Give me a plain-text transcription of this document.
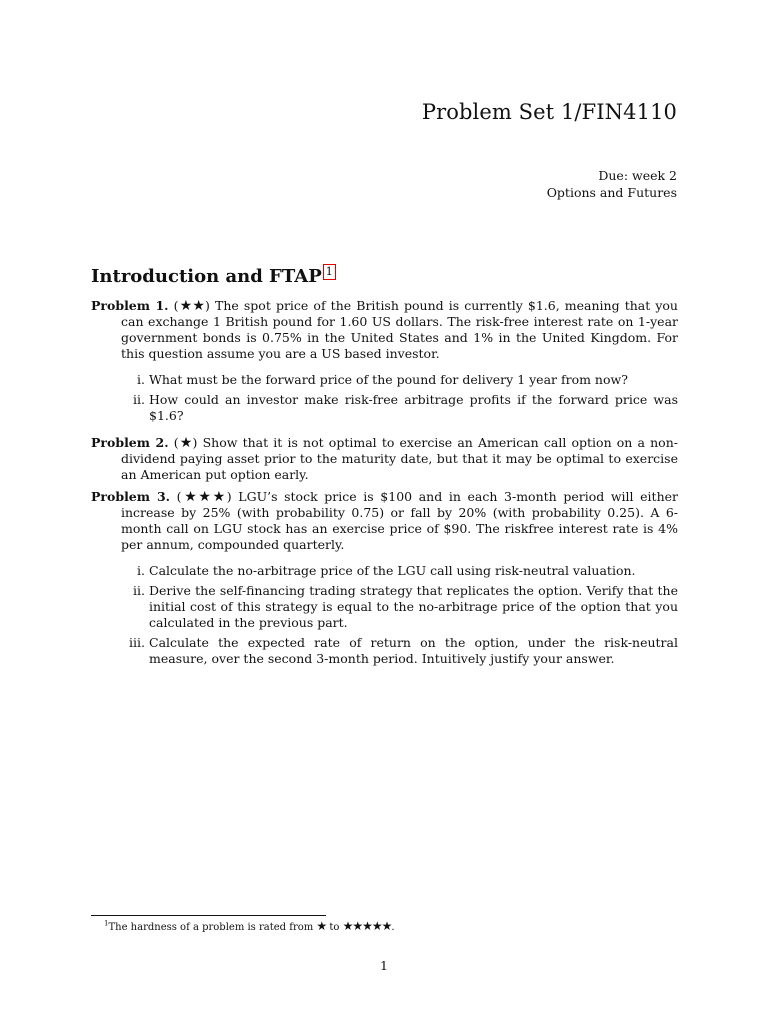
Problem Set 1/FIN4110
Due: week 2
Options and Futures
Introduction and FTAP 1
Problem 1. (★★) The spot price of the British pound is currently $1.6, meaning that you can exchange 1 British pound for 1.60 US dollars. The risk-free interest rate on 1-year government bonds is 0.75% in the United States and 1% in the United Kingdom. For this question assume you are a US based investor.
i. What must be the forward price of the pound for delivery 1 year from now?
ii. How could an investor make risk-free arbitrage profits if the forward price was $1.6?
Problem 2. (★) Show that it is not optimal to exercise an American call option on a non-dividend paying asset prior to the maturity date, but that it may be optimal to exercise an American put option early.
Problem 3. (★★★) LGU’s stock price is $100 and in each 3-month period will either increase by 25% (with probability 0.75) or fall by 20% (with probability 0.25). A 6-month call on LGU stock has an exercise price of $90. The riskfree interest rate is 4% per annum, compounded quarterly.
i. Calculate the no-arbitrage price of the LGU call using risk-neutral valuation.
ii. Derive the self-financing trading strategy that replicates the option. Verify that the initial cost of this strategy is equal to the no-arbitrage price of the option that you calculated in the previous part.
iii. Calculate the expected rate of return on the option, under the risk-neutral measure, over the second 3-month period. Intuitively justify your answer.
$^1$The hardness of a problem is rated from ★ to ★★★★★.
1
